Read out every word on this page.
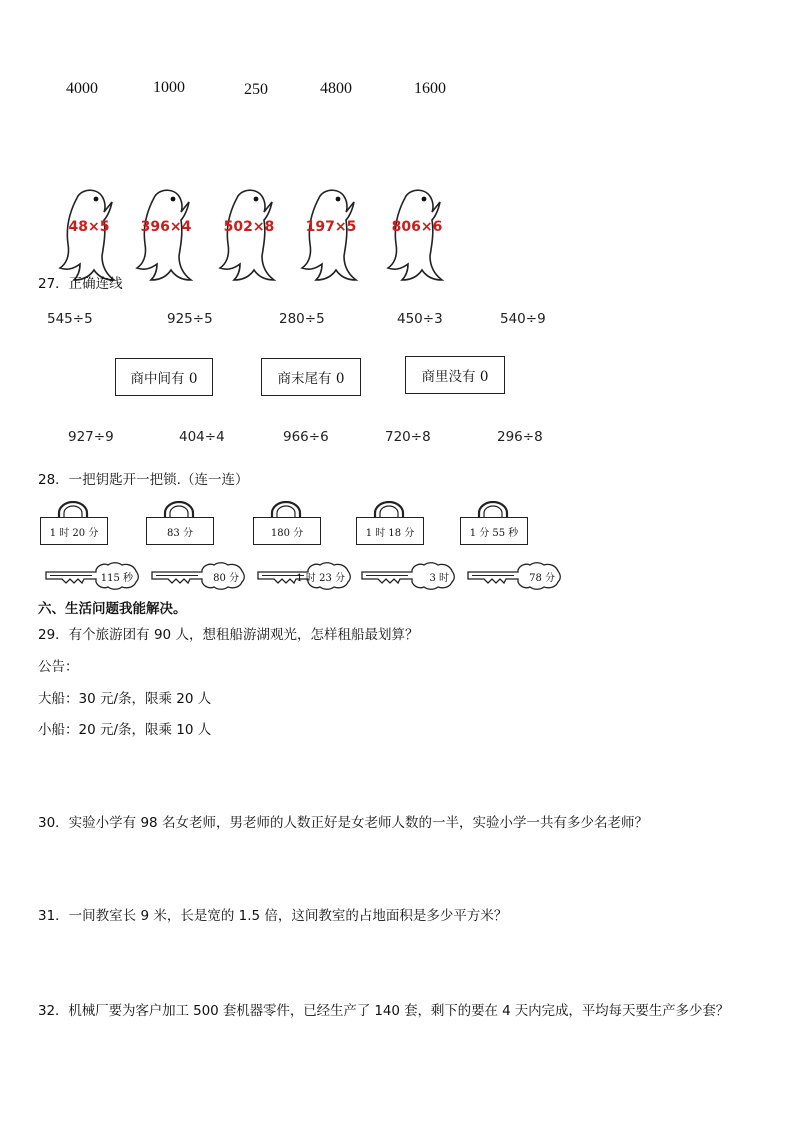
4000	1000	250	4800	1600
48×5	396×4	502×8	197×5	806×6
27．正确连线
545÷5	925÷5	280÷5	450÷3	540÷9
商中间有 0	商末尾有 0	商里没有 0
927÷9	404÷4	966÷6	720÷8	296÷8
28．一把钥匙开一把锁.（连一连）
1 时 20 分	83 分	180 分	1 时 18 分	1 分 55 秒
115 秒	80 分	1 时 23 分	3 时	78 分
六、生活问题我能解决。
29．有个旅游团有 90 人，想租船游湖观光，怎样租船最划算？
公告：
大船：30 元/条，限乘 20 人
小船：20 元/条，限乘 10 人
30．实验小学有 98 名女老师，男老师的人数正好是女老师人数的一半，实验小学一共有多少名老师？
31．一间教室长 9 米，长是宽的 1.5 倍，这间教室的占地面积是多少平方米？
32．机械厂要为客户加工 500 套机器零件，已经生产了 140 套，剩下的要在 4 天内完成，平均每天要生产多少套？
